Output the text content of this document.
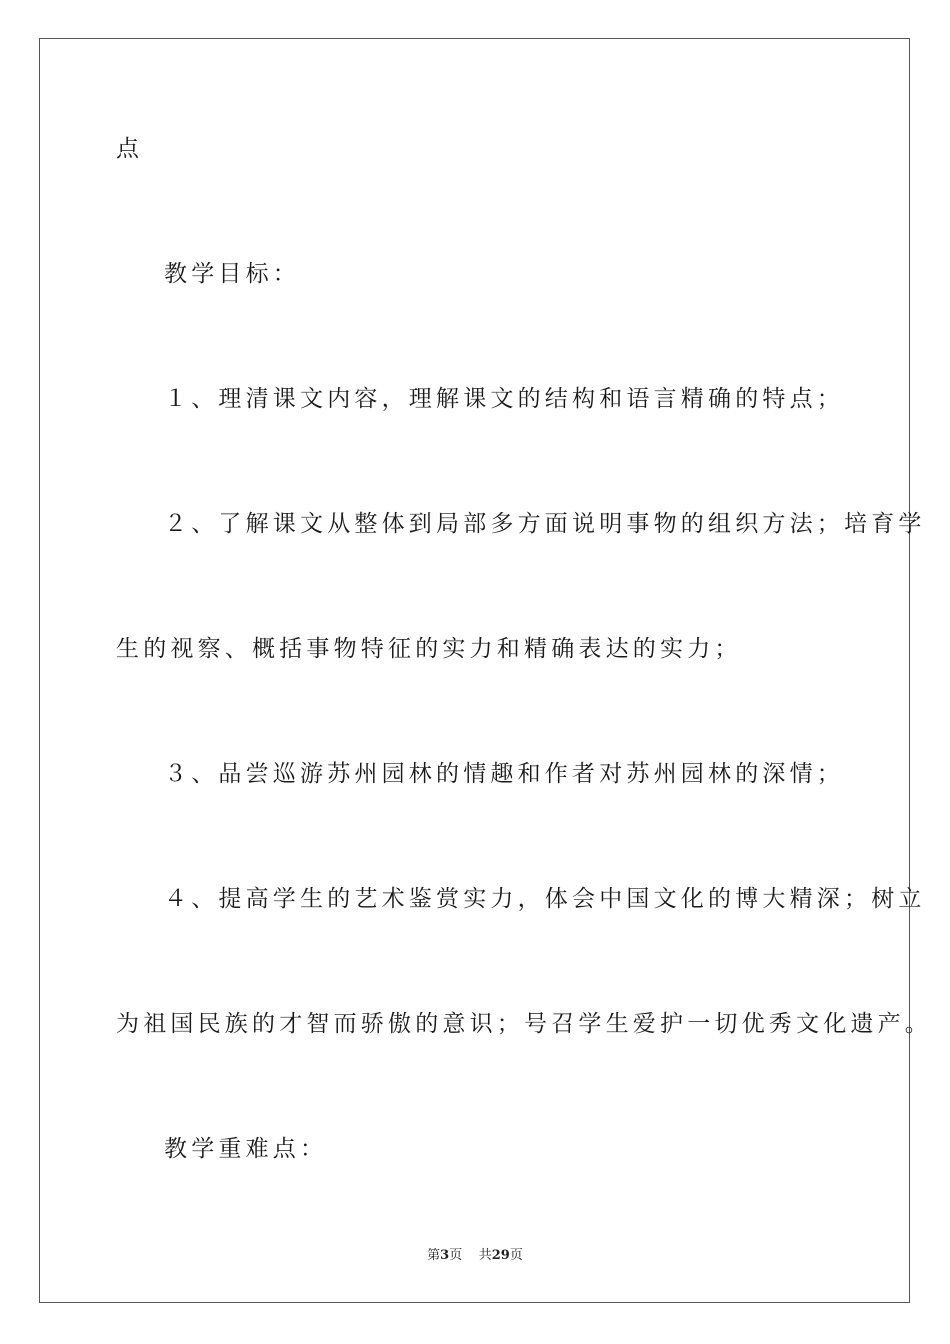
点
教学目标：
１、理清课文内容，理解课文的结构和语言精确的特点；
２、了解课文从整体到局部多方面说明事物的组织方法；培育学
生的视察、概括事物特征的实力和精确表达的实力；
３、品尝巡游苏州园林的情趣和作者对苏州园林的深情；
４、提高学生的艺术鉴赏实力，体会中国文化的博大精深；树立
为祖国民族的才智而骄傲的意识；号召学生爱护一切优秀文化遗产。
教学重难点：
第3页 共29页
